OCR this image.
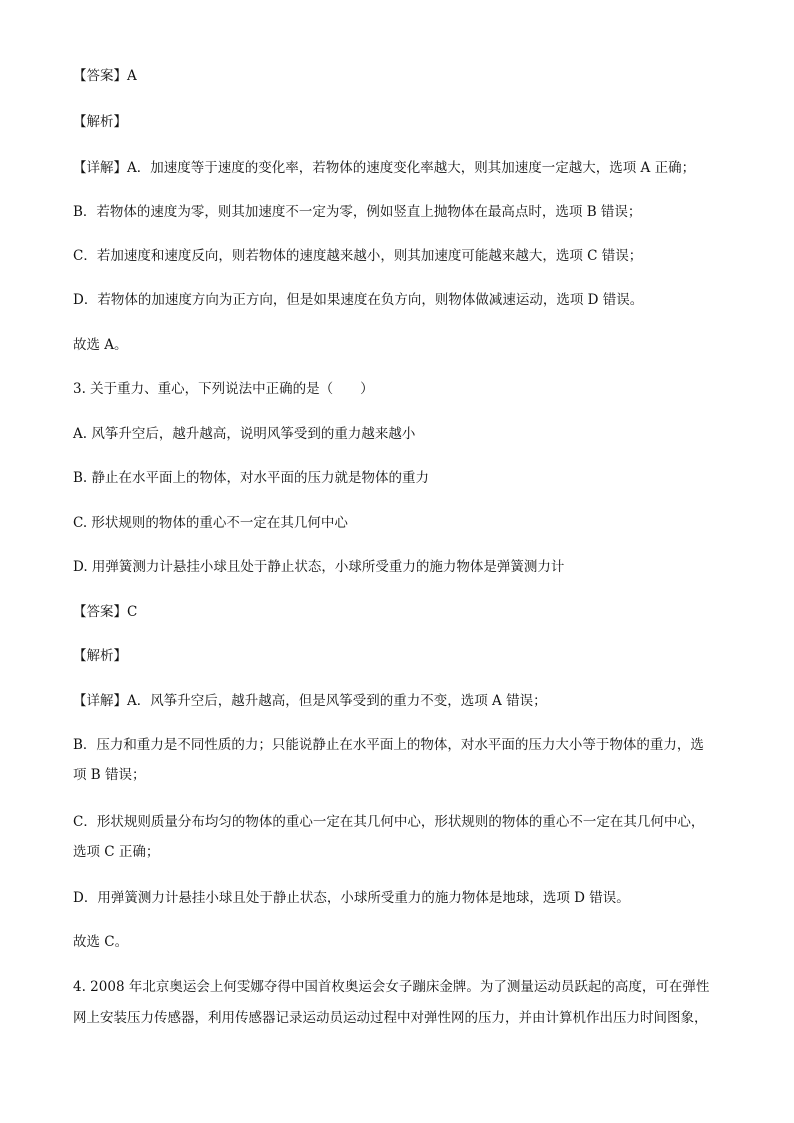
【答案】A
【解析】
【详解】A．加速度等于速度的变化率，若物体的速度变化率越大，则其加速度一定越大，选项 A 正确；
B．若物体的速度为零，则其加速度不一定为零，例如竖直上抛物体在最高点时，选项 B 错误；
C．若加速度和速度反向，则若物体的速度越来越小，则其加速度可能越来越大，选项 C 错误；
D．若物体的加速度方向为正方向，但是如果速度在负方向，则物体做减速运动，选项 D 错误。
故选 A。
3. 关于重力、重心，下列说法中正确的是（　　）
A. 风筝升空后，越升越高，说明风筝受到的重力越来越小
B. 静止在水平面上的物体，对水平面的压力就是物体的重力
C. 形状规则的物体的重心不一定在其几何中心
D. 用弹簧测力计悬挂小球且处于静止状态，小球所受重力的施力物体是弹簧测力计
【答案】C
【解析】
【详解】A．风筝升空后，越升越高，但是风筝受到的重力不变，选项 A 错误；
B．压力和重力是不同性质的力；只能说静止在水平面上的物体，对水平面的压力大小等于物体的重力，选
项 B 错误；
C．形状规则质量分布均匀的物体的重心一定在其几何中心，形状规则的物体的重心不一定在其几何中心，
选项 C 正确；
D．用弹簧测力计悬挂小球且处于静止状态，小球所受重力的施力物体是地球，选项 D 错误。
故选 C。
4. 2008 年北京奥运会上何雯娜夺得中国首枚奥运会女子蹦床金牌。为了测量运动员跃起的高度，可在弹性
网上安装压力传感器，利用传感器记录运动员运动过程中对弹性网的压力，并由计算机作出压力时间图象，
